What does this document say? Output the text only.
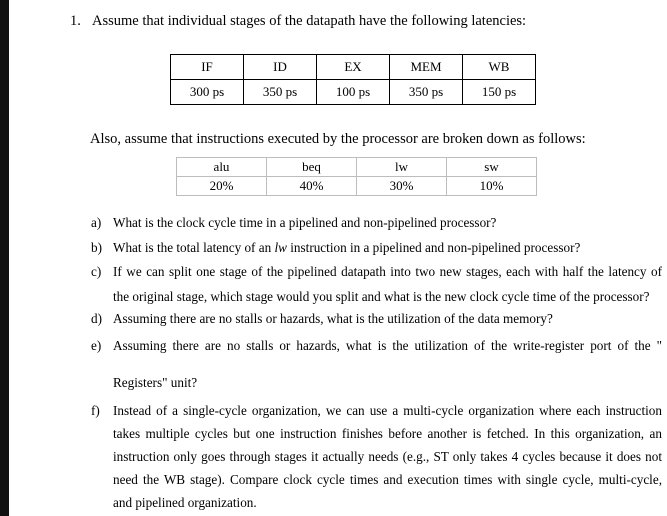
1. Assume that individual stages of the datapath have the following latencies:
IF	ID	EX	MEM	WB
300 ps	350 ps	100 ps	350 ps	150 ps
Also, assume that instructions executed by the processor are broken down as follows:
alu	beq	lw	sw
20%	40%	30%	10%
a) What is the clock cycle time in a pipelined and non-pipelined processor?
b) What is the total latency of an lw instruction in a pipelined and non-pipelined processor?
c) If we can split one stage of the pipelined datapath into two new stages, each with half the latency of
the original stage, which stage would you split and what is the new clock cycle time of the processor?
d) Assuming there are no stalls or hazards, what is the utilization of the data memory?
e) Assuming there are no stalls or hazards, what is the utilization of the write-register port of the "
Registers" unit?
f) Instead of a single-cycle organization, we can use a multi-cycle organization where each instruction
takes multiple cycles but one instruction finishes before another is fetched. In this organization, an
instruction only goes through stages it actually needs (e.g., ST only takes 4 cycles because it does not
need the WB stage). Compare clock cycle times and execution times with single cycle, multi-cycle,
and pipelined organization.
